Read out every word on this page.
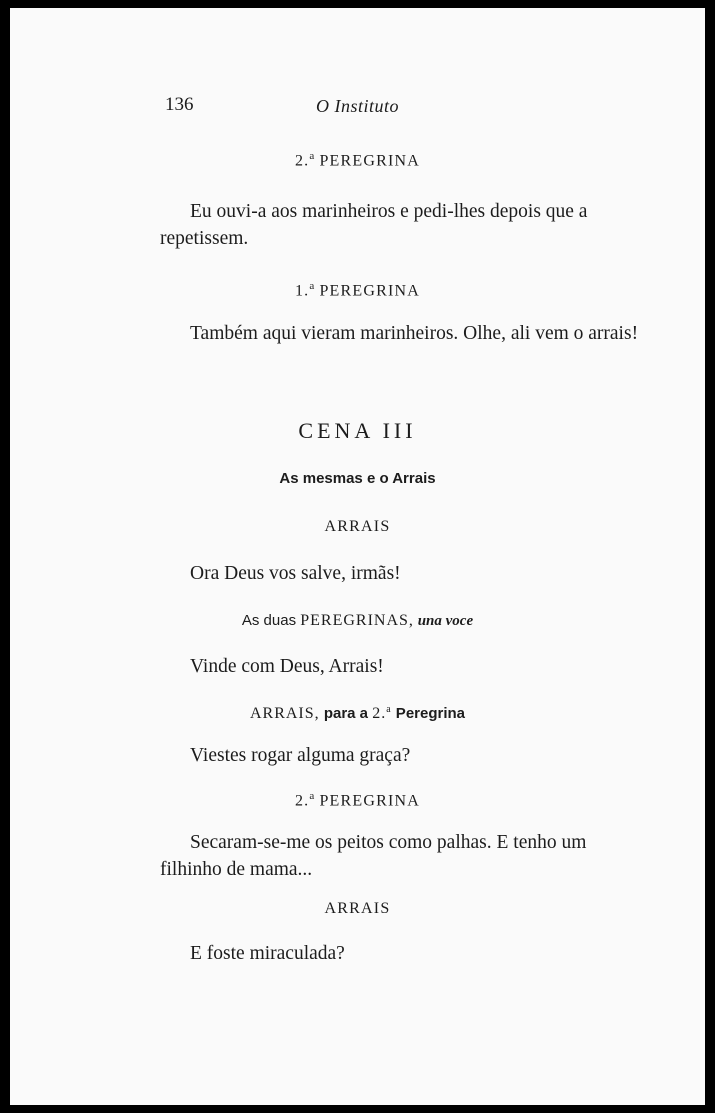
136	O Instituto
2.$^a$ PEREGRINA
Eu ouvi-a aos marinheiros e pedi-lhes depois que a repetissem.
1.$^a$ PEREGRINA
Também aqui vieram marinheiros. Olhe, ali vem o arrais!
CENA III
As mesmas e o Arrais
ARRAIS
Ora Deus vos salve, irmãs!
As duas PEREGRINAS, una voce
Vinde com Deus, Arrais!
ARRAIS, para a 2.$^a$ Peregrina
Viestes rogar alguma graça?
2.$^a$ PEREGRINA
Secaram-se-me os peitos como palhas. E tenho um filhinho de mama...
ARRAIS
E foste miraculada?
